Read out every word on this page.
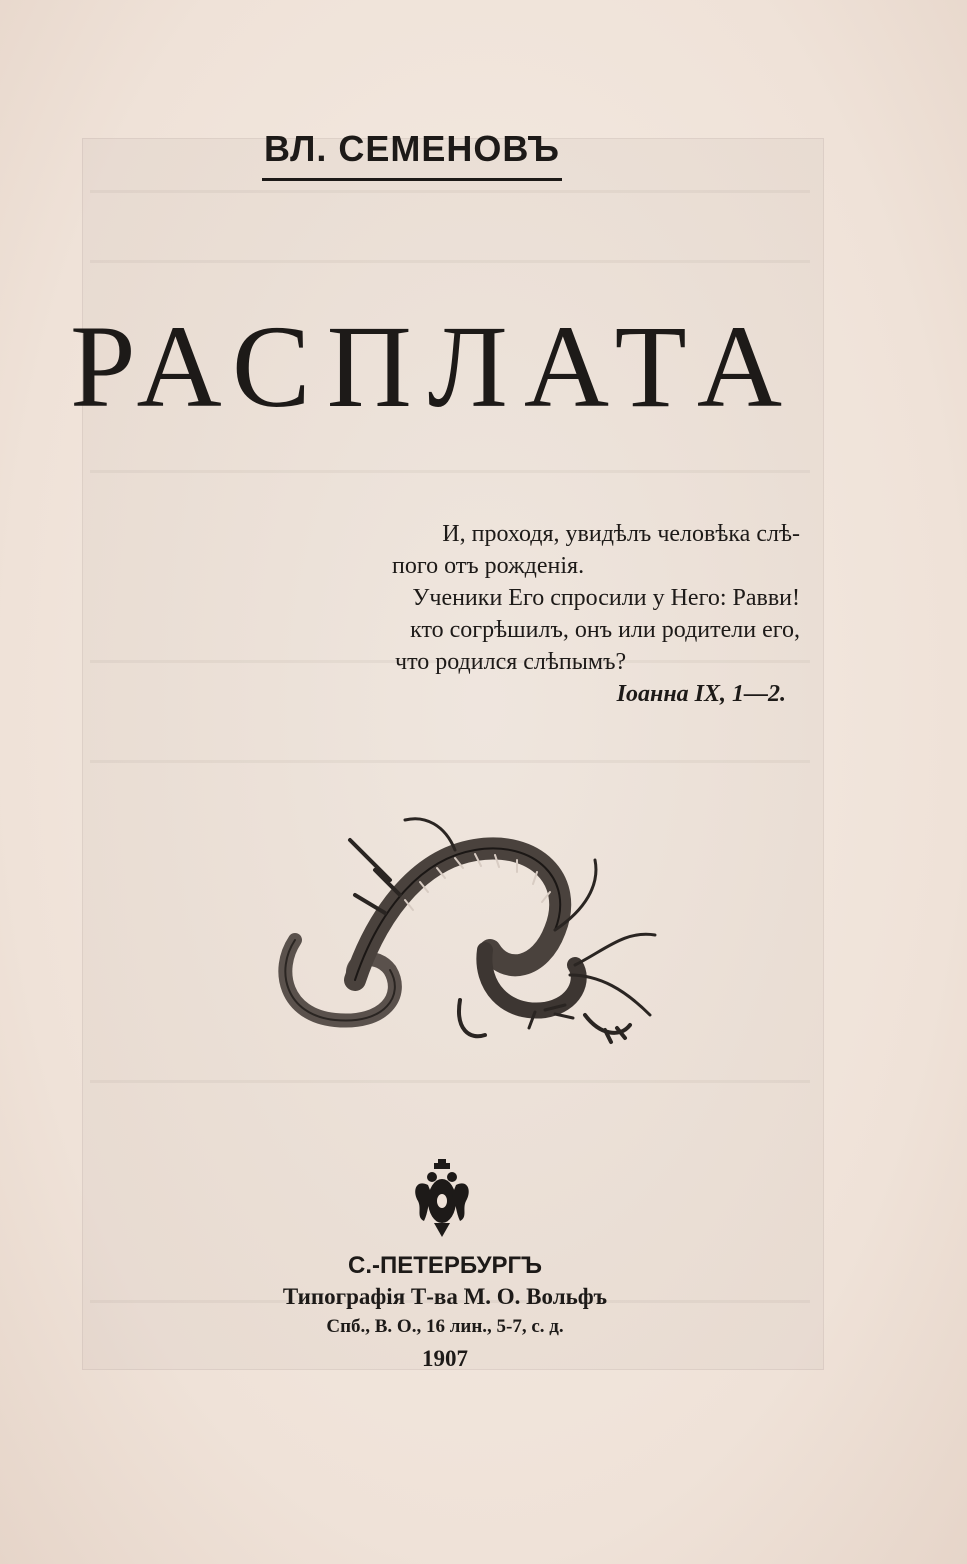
ВЛ. СЕМЕНОВЪ
РАСПЛАТА
И, проходя, увидѣлъ человѣка слѣ-
пого отъ рожденія.
Ученики Его спросили у Него: Равви!
кто согрѣшилъ, онъ или родители его,
что родился слѣпымъ?
Іоанна IX, 1—2.
С.-ПЕТЕРБУРГЪ
Типографія Т-ва М. О. Вольфъ
Спб., В. О., 16 лин., 5-7, с. д.
1907
